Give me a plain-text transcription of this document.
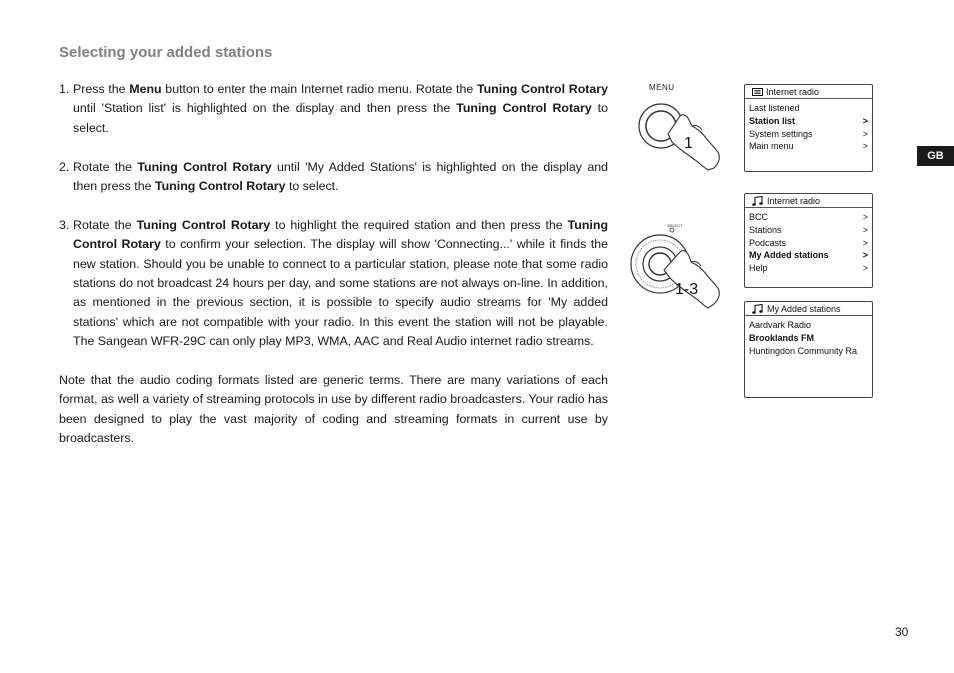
Selecting your added stations

1. Press the Menu button to enter the main Internet radio menu. Rotate the Tuning Control Rotary until 'Station list' is highlighted on the display and then press the Tuning Control Rotary to select.

2. Rotate the Tuning Control Rotary until 'My Added Stations' is highlighted on the display and then press the Tuning Control Rotary to select.

3. Rotate the Tuning Control Rotary to highlight the required station and then press the Tuning Control Rotary to confirm your selection. The display will show 'Connecting...' while it finds the new station. Should you be unable to connect to a particular station, please note that some radio stations do not broadcast 24 hours per day, and some stations are not always on-line. In addition, as mentioned in the previous section, it is possible to specify audio streams for 'My added stations' which are not compatible with your radio. In this event the station will not be playable. The Sangean WFR-29C can only play MP3, WMA, AAC and Real Audio internet radio streams.

Note that the audio coding formats listed are generic terms. There are many variations of each format, as well a variety of streaming protocols in use by different radio broadcasters. Your radio has been designed to play the vast majority of coding and streaming formats in current use by broadcasters.

MENU
1
SELECT
1-3
Internet radio
Last listened
Station list	>
System settings	>
Main menu	>
Internet radio
BCC	>
Stations	>
Podcasts	>
My Added stations	>
Help	>
My Added stations
Aardvark Radio
Brooklands FM
Huntingdon Community Ra
GB
30
